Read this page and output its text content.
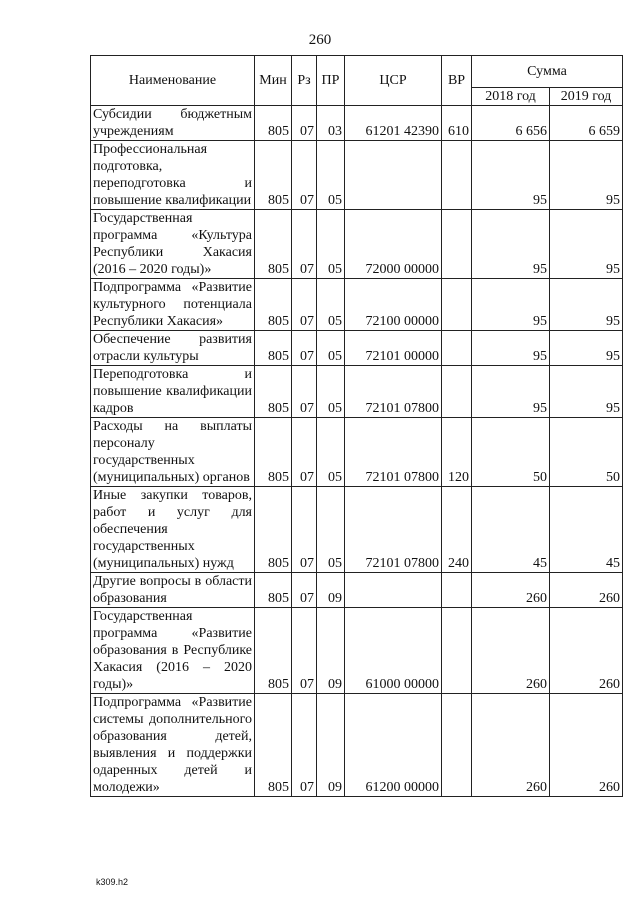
260
Наименование	Мин	Рз	ПР	ЦСР	ВР	Сумма	
						2018 год	2019 год
Субсидии бюджетным учреждениям	805	07	03	61201 42390	610	6 656	6 659
Профессиональная подготовка, переподготовка и повышение квалификации	805	07	05			95	95
Государственная программа «Культура Республики Хакасия (2016 – 2020 годы)»	805	07	05	72000 00000		95	95
Подпрограмма «Развитие культурного потенциала Республики Хакасия»	805	07	05	72100 00000		95	95
Обеспечение развития отрасли культуры	805	07	05	72101 00000		95	95
Переподготовка и повышение квалификации кадров	805	07	05	72101 07800		95	95
Расходы на выплаты персоналу государственных (муниципальных) органов	805	07	05	72101 07800	120	50	50
Иные закупки товаров, работ и услуг для обеспечения государственных (муниципальных) нужд	805	07	05	72101 07800	240	45	45
Другие вопросы в области образования	805	07	09			260	260
Государственная программа «Развитие образования в Республике Хакасия (2016 – 2020 годы)»	805	07	09	61000 00000		260	260
Подпрограмма «Развитие системы дополнительного образования детей, выявления и поддержки одаренных детей и молодежи»	805	07	09	61200 00000		260	260
k309.h2
